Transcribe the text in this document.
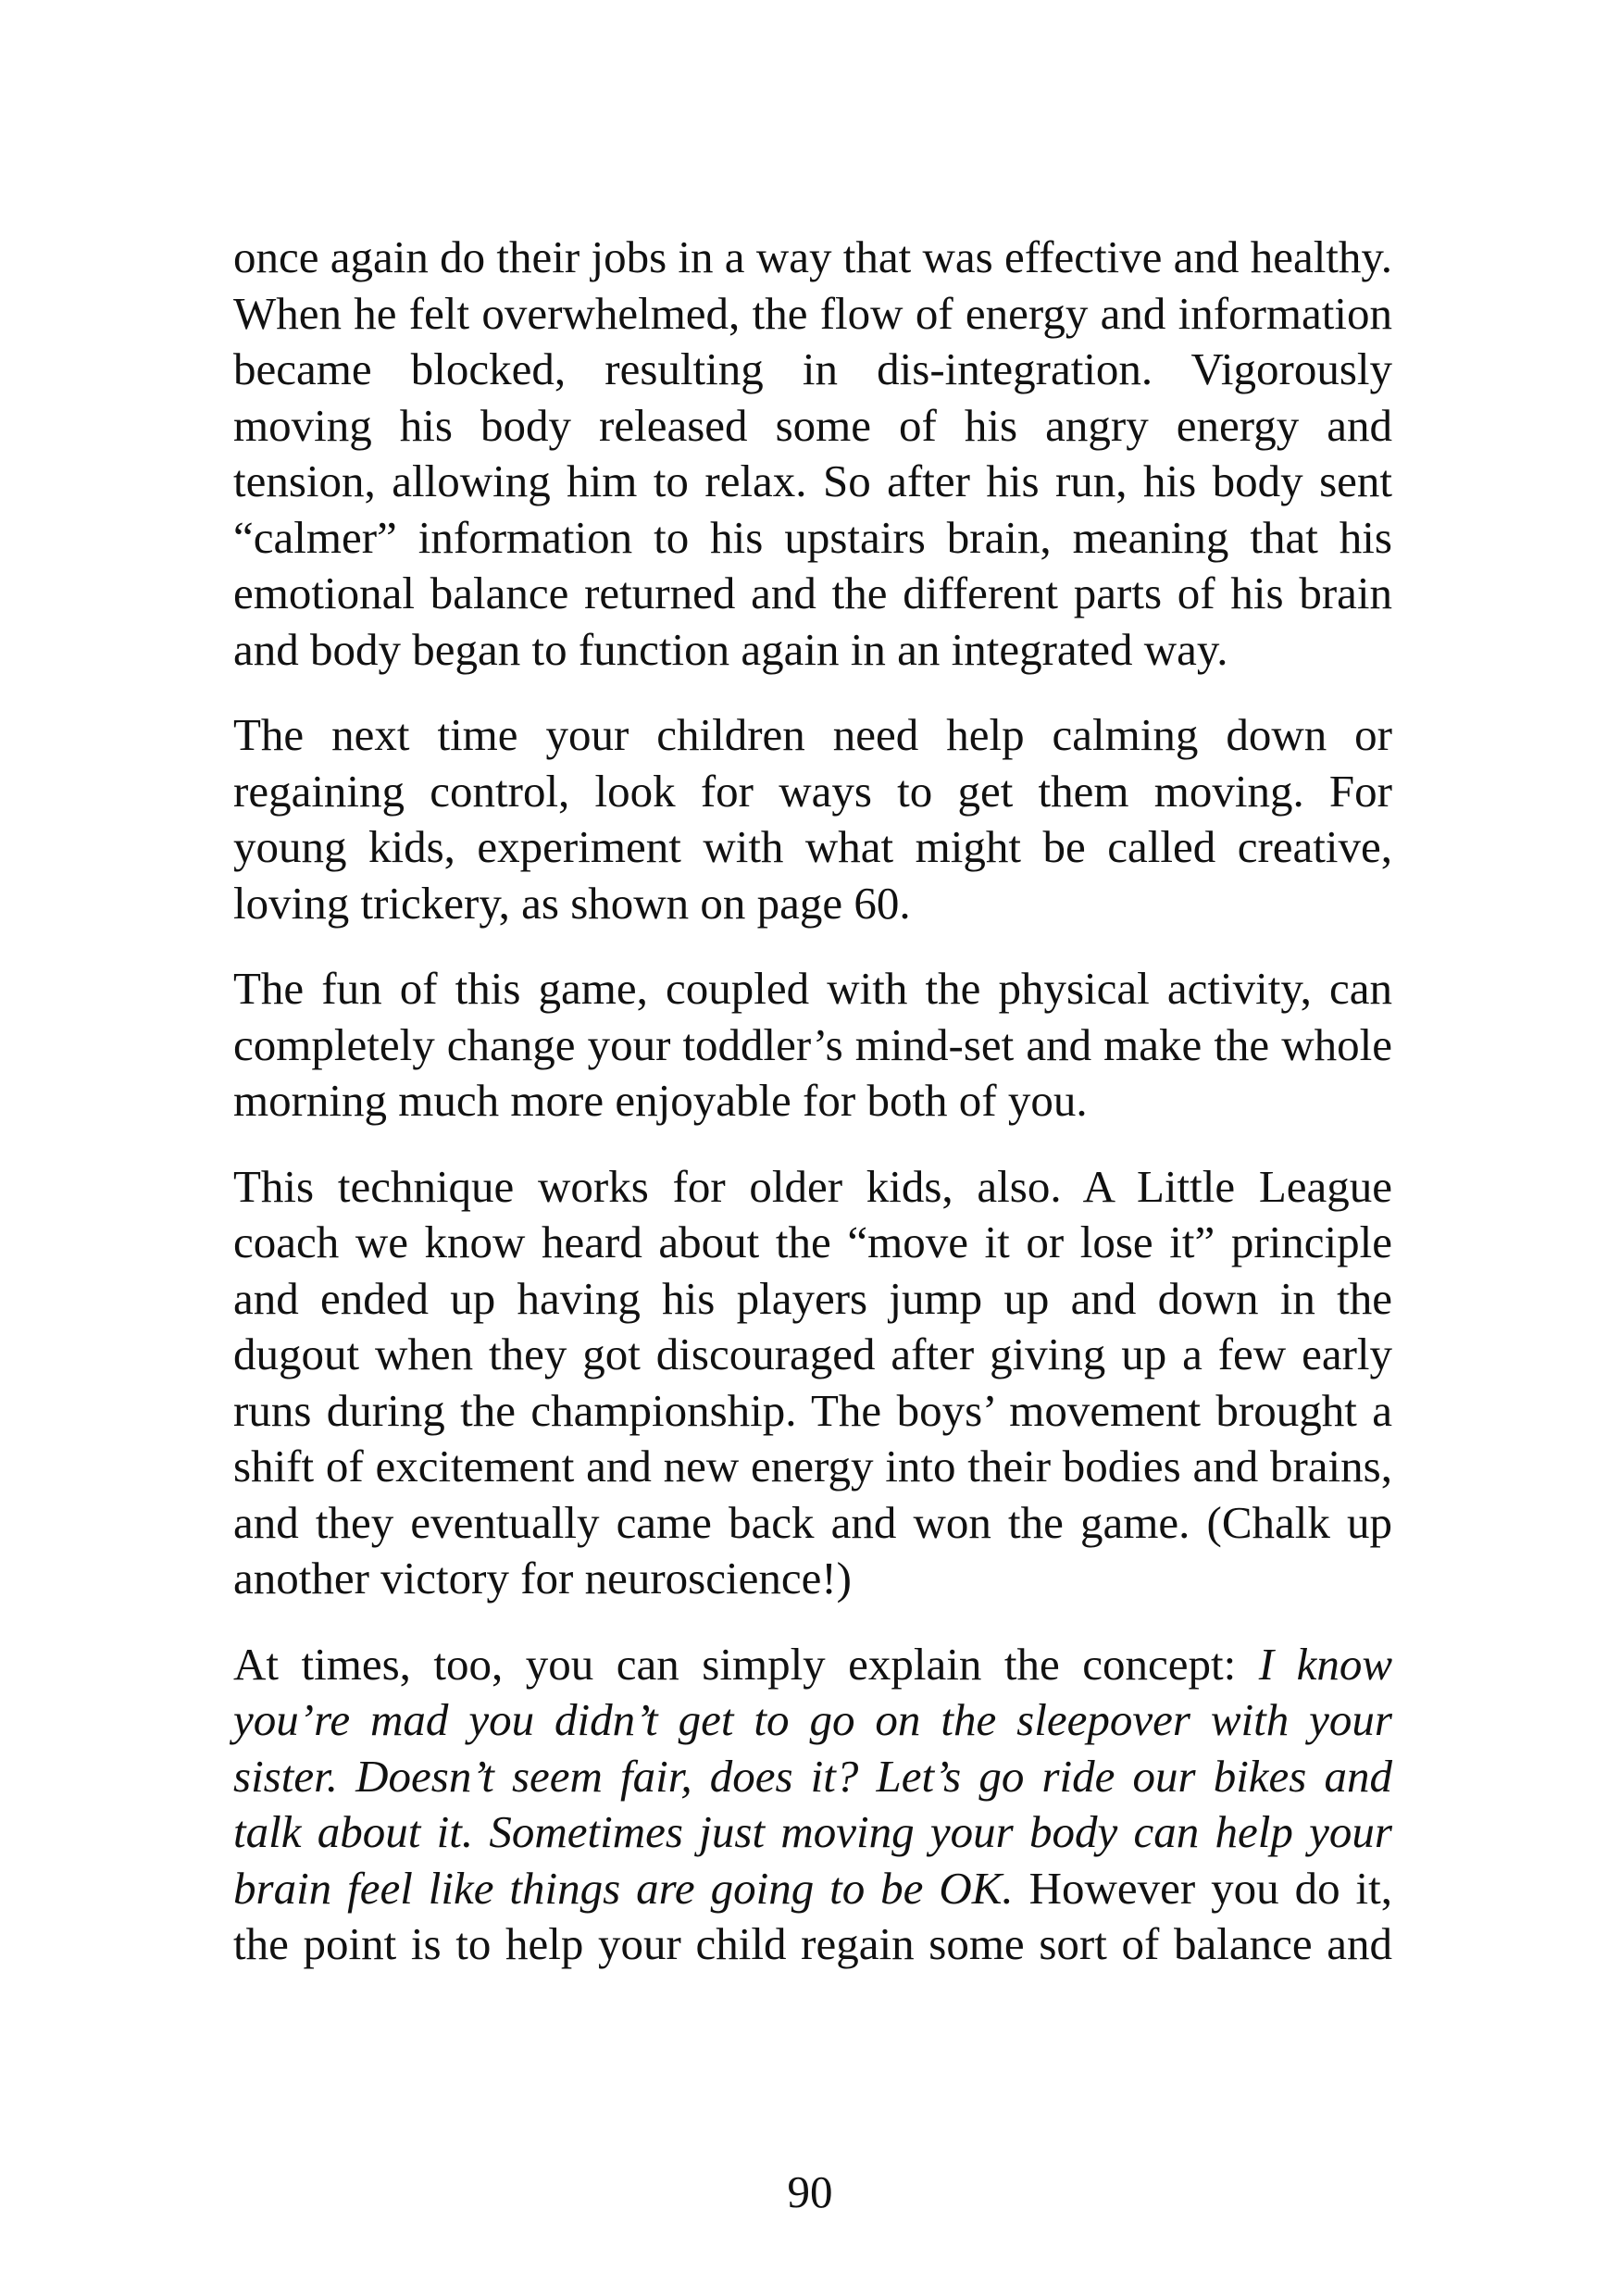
once again do their jobs in a way that was effective and healthy. When he felt overwhelmed, the flow of energy and information became blocked, resulting in dis-integration. Vigorously moving his body released some of his angry energy and tension, allowing him to relax. So after his run, his body sent “calmer” information to his upstairs brain, meaning that his emotional balance returned and the different parts of his brain and body began to function again in an integrated way.

The next time your children need help calming down or regaining control, look for ways to get them moving. For young kids, experiment with what might be called creative, loving trickery, as shown on page 60.

The fun of this game, coupled with the physical activity, can completely change your toddler’s mind-set and make the whole morning much more enjoyable for both of you.

This technique works for older kids, also. A Little League coach we know heard about the “move it or lose it” principle and ended up having his players jump up and down in the dugout when they got discouraged after giving up a few early runs during the championship. The boys’ movement brought a shift of excitement and new energy into their bodies and brains, and they eventually came back and won the game. (Chalk up another victory for neuroscience!)

At times, too, you can simply explain the concept: I know you’re mad you didn’t get to go on the sleepover with your sister. Doesn’t seem fair, does it? Let’s go ride our bikes and talk about it. Sometimes just moving your body can help your brain feel like things are going to be OK. However you do it, the point is to help your child regain some sort of balance and

90
